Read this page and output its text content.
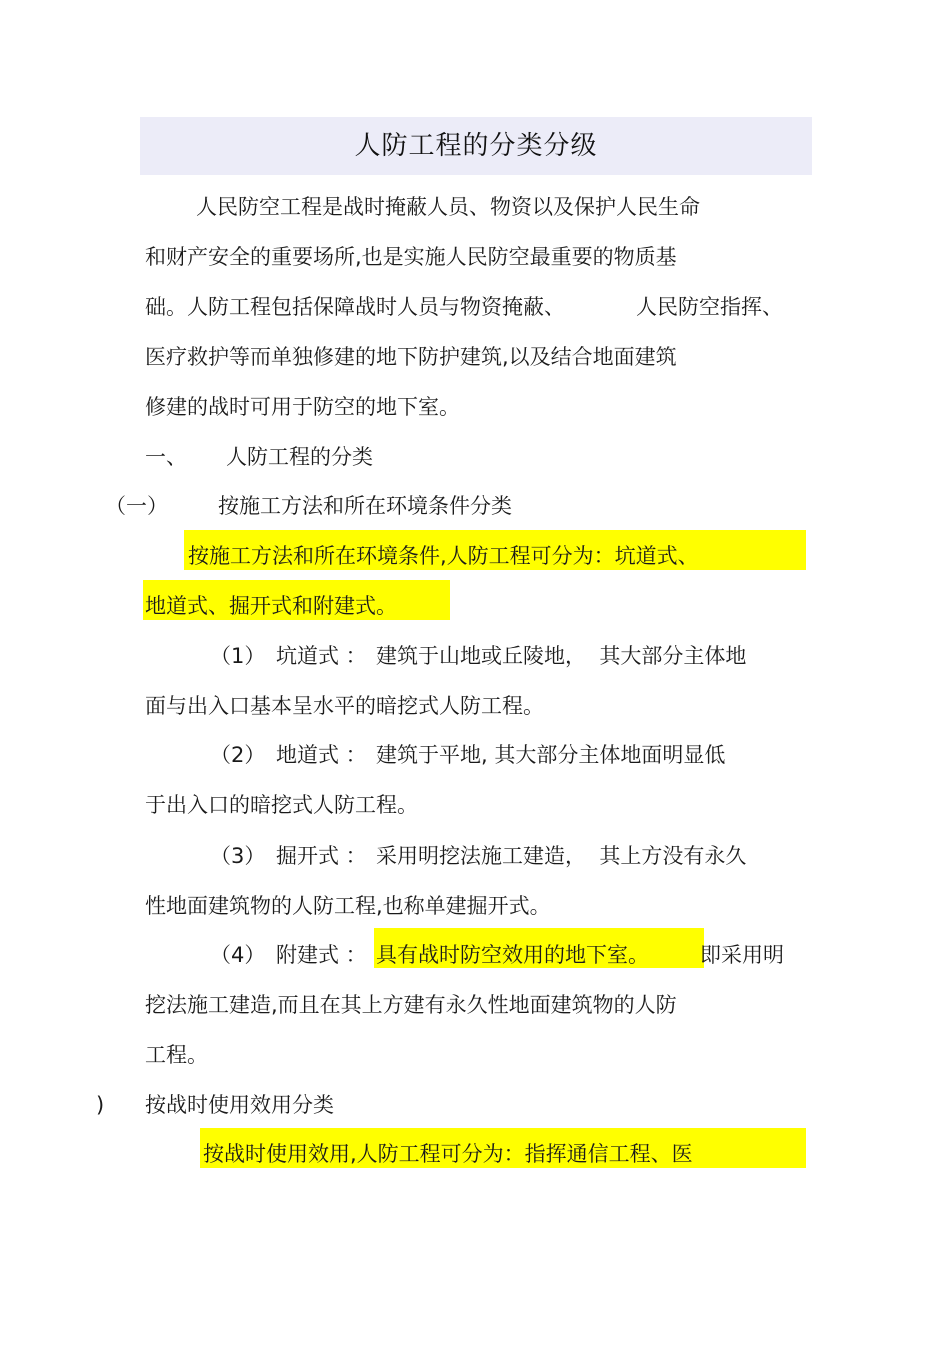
人防工程的分类分级
人民防空工程是战时掩蔽人员、物资以及保护人民生命
和财产安全的重要场所,也是实施人民防空最重要的物质基
础。人防工程包括保障战时人员与物资掩蔽、	人民防空指挥、
医疗救护等而单独修建的地下防护建筑,以及结合地面建筑
修建的战时可用于防空的地下室。
一、 人防工程的分类
（一） 按施工方法和所在环境条件分类
按施工方法和所在环境条件,人防工程可分为：坑道式、
地道式、掘开式和附建式。
（1） 坑道式 ： 建筑于山地或丘陵地，  其大部分主体地
面与出入口基本呈水平的暗挖式人防工程。
（2） 地道式 ： 建筑于平地, 其大部分主体地面明显低
于出入口的暗挖式人防工程。
（3） 掘开式 ： 采用明挖法施工建造，  其上方没有永久
性地面建筑物的人防工程,也称单建掘开式。
（4） 附建式 ： 具有战时防空效用的地下室。 即采用明
挖法施工建造,而且在其上方建有永久性地面建筑物的人防
工程。
) 按战时使用效用分类
按战时使用效用,人防工程可分为：指挥通信工程、医
